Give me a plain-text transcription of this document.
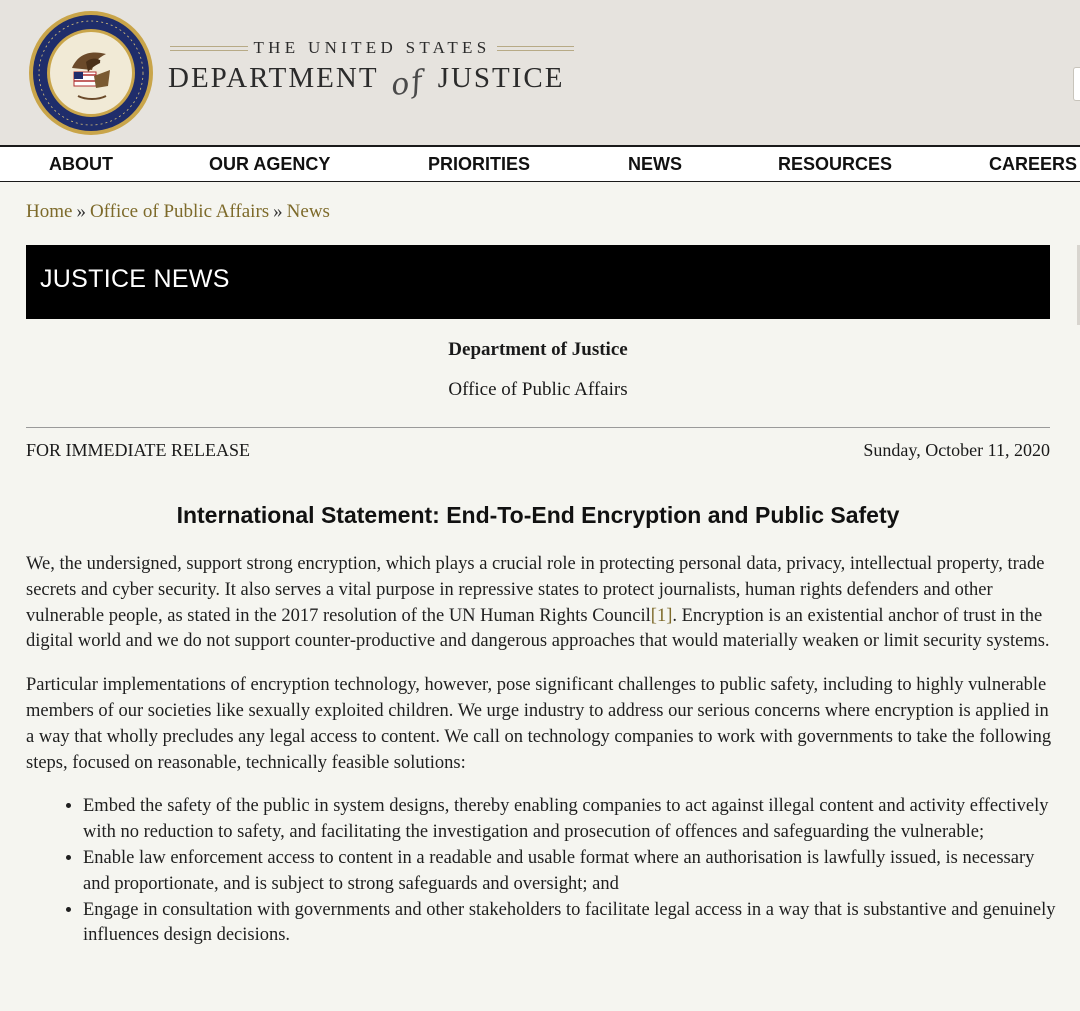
THE UNITED STATES
DEPARTMENT of JUSTICE
ABOUT	OUR AGENCY	PRIORITIES	NEWS	RESOURCES	CAREERS
Home » Office of Public Affairs » News
JUSTICE NEWS
Department of Justice
Office of Public Affairs
FOR IMMEDIATE RELEASE	Sunday, October 11, 2020
International Statement: End-To-End Encryption and Public Safety

We, the undersigned, support strong encryption, which plays a crucial role in protecting personal data, privacy, intellectual property, trade secrets and cyber security. It also serves a vital purpose in repressive states to protect journalists, human rights defenders and other vulnerable people, as stated in the 2017 resolution of the UN Human Rights Council[1]. Encryption is an existential anchor of trust in the digital world and we do not support counter-productive and dangerous approaches that would materially weaken or limit security systems.

Particular implementations of encryption technology, however, pose significant challenges to public safety, including to highly vulnerable members of our societies like sexually exploited children. We urge industry to address our serious concerns where encryption is applied in a way that wholly precludes any legal access to content. We call on technology companies to work with governments to take the following steps, focused on reasonable, technically feasible solutions:

• Embed the safety of the public in system designs, thereby enabling companies to act against illegal content and activity effectively with no reduction to safety, and facilitating the investigation and prosecution of offences and safeguarding the vulnerable;
• Enable law enforcement access to content in a readable and usable format where an authorisation is lawfully issued, is necessary and proportionate, and is subject to strong safeguards and oversight; and
• Engage in consultation with governments and other stakeholders to facilitate legal access in a way that is substantive and genuinely influences design decisions.
